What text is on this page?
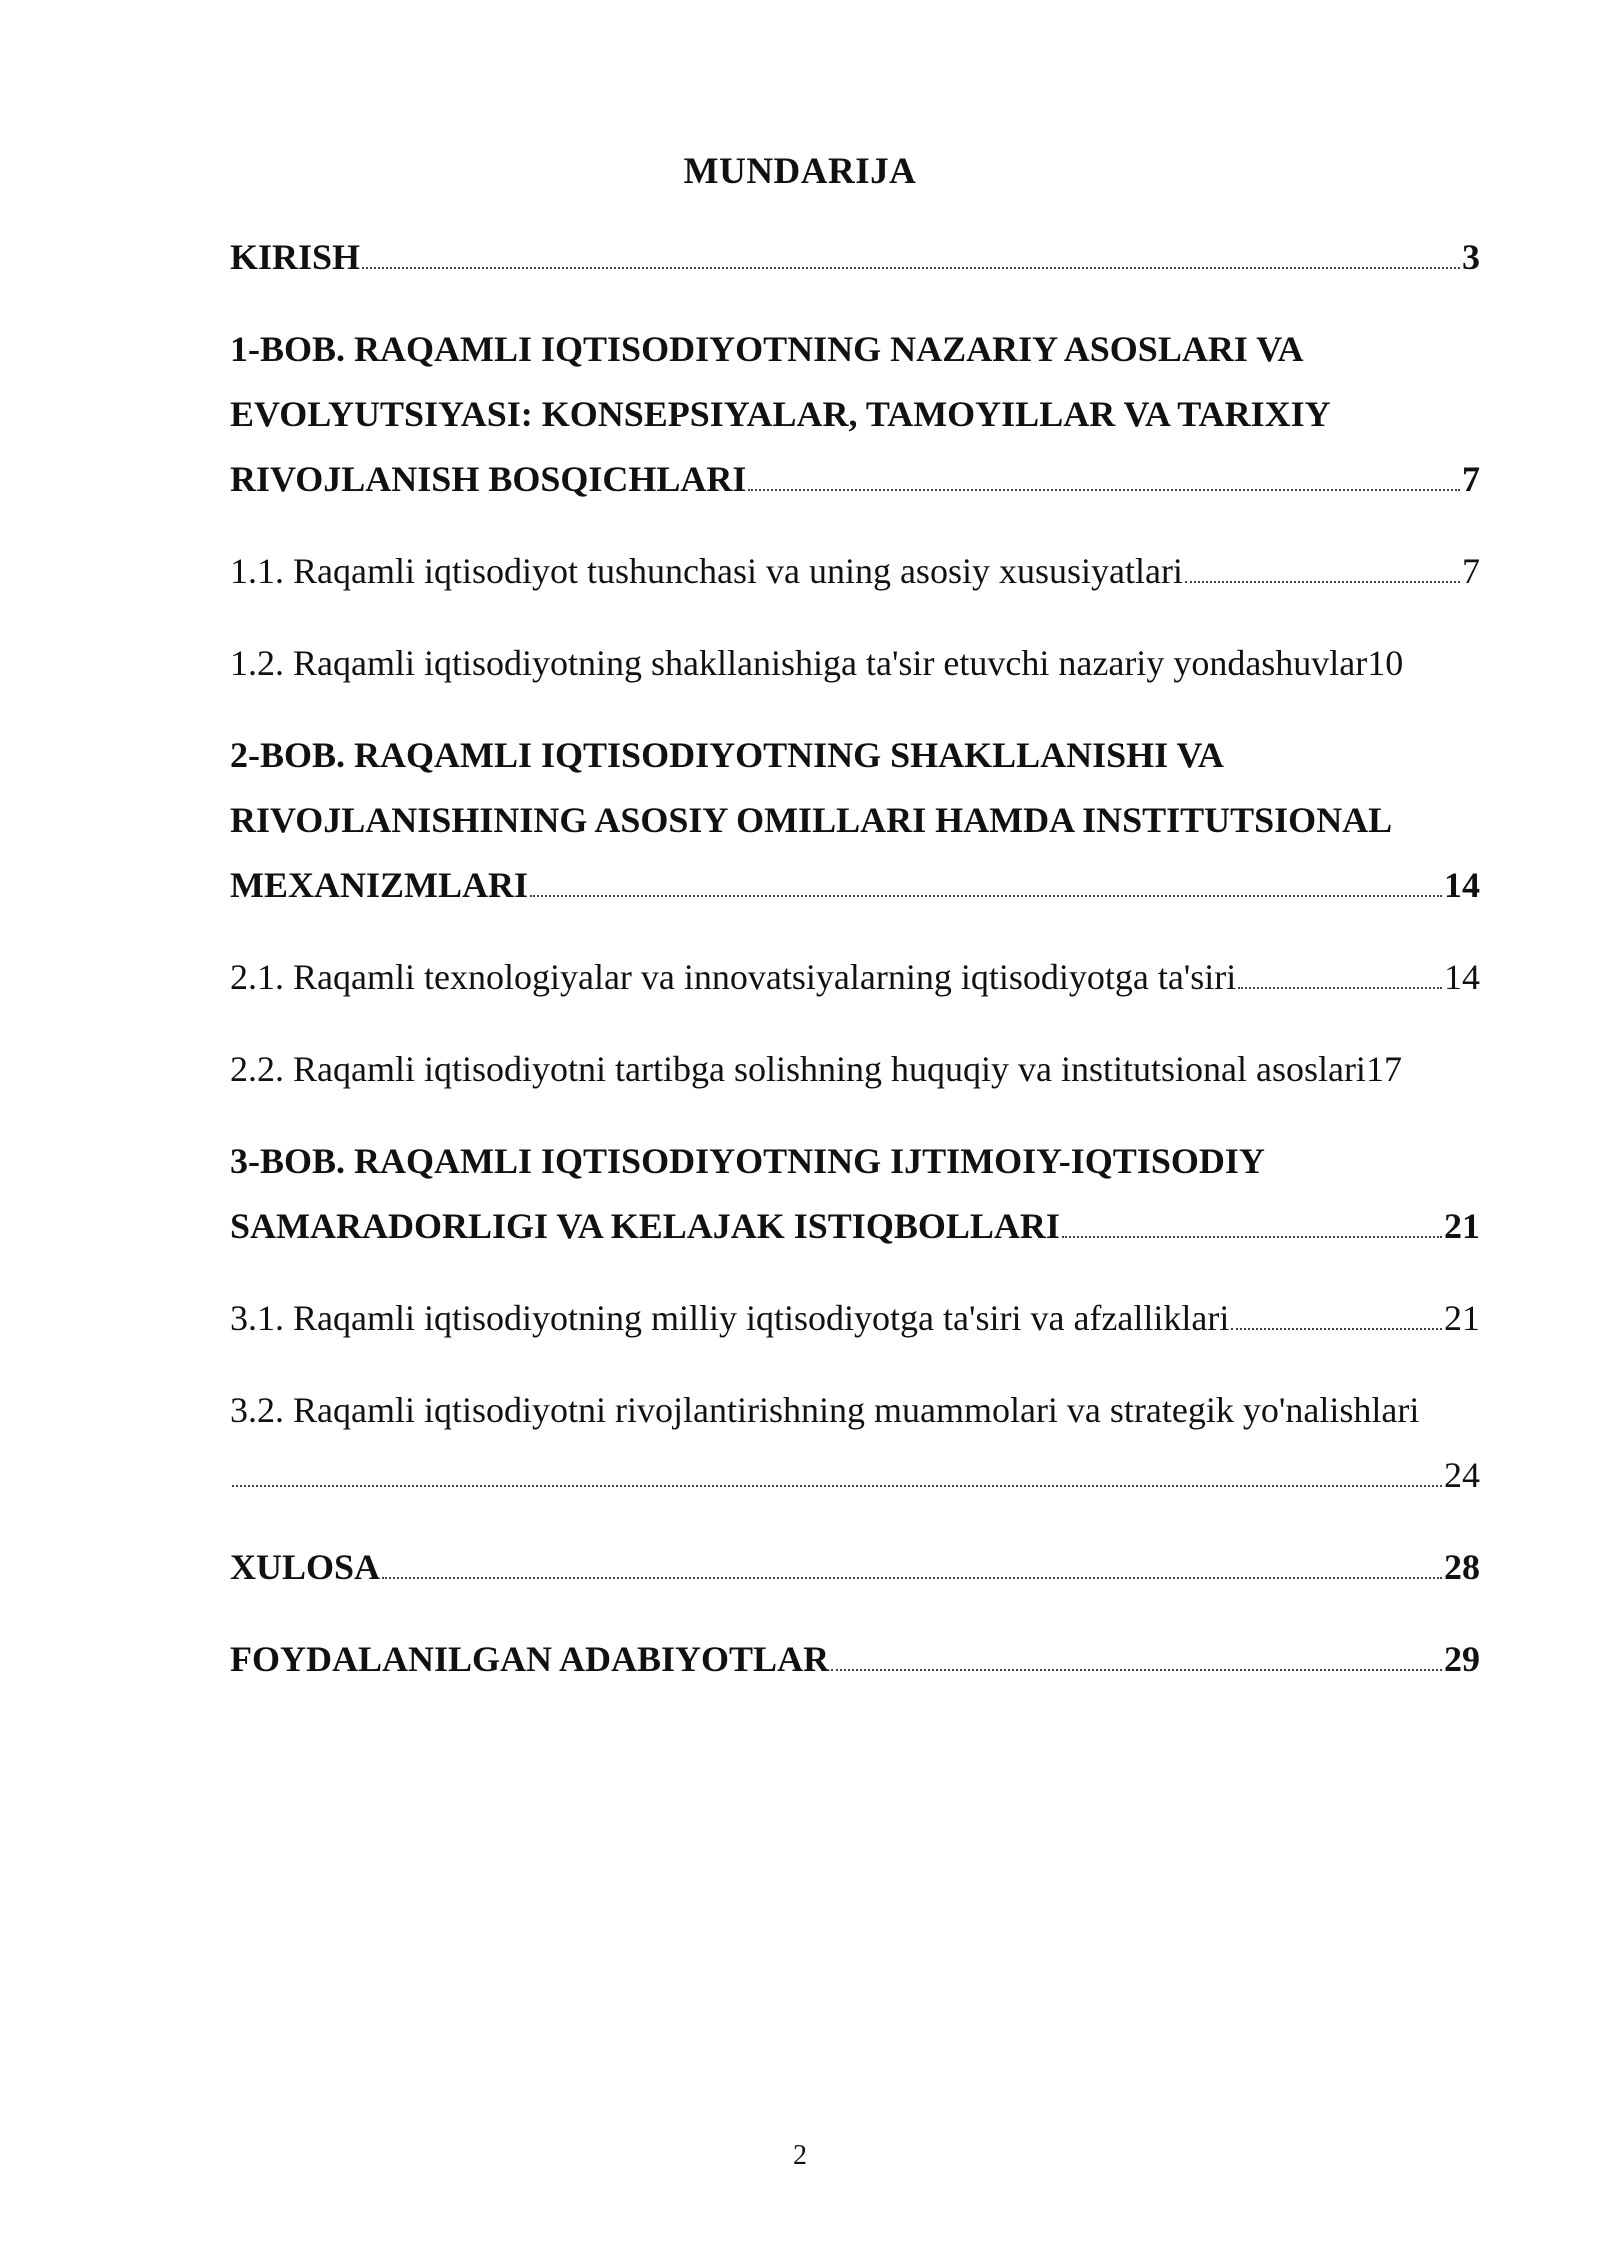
MUNDARIJA
KIRISH	3
1-BOB. RAQAMLI IQTISODIYOTNING NAZARIY ASOSLARI VA
EVOLYUTSIYASI: KONSEPSIYALAR, TAMOYILLAR VA TARIXIY
RIVOJLANISH BOSQICHLARI	7
1.1. Raqamli iqtisodiyot tushunchasi va uning asosiy xususiyatlari	7
1.2. Raqamli iqtisodiyotning shakllanishiga ta'sir etuvchi nazariy yondashuvlar 10
2-BOB. RAQAMLI IQTISODIYOTNING SHAKLLANISHI VA
RIVOJLANISHINING ASOSIY OMILLARI HAMDA INSTITUTSIONAL
MEXANIZMLARI	14
2.1. Raqamli texnologiyalar va innovatsiyalarning iqtisodiyotga ta'siri	14
2.2. Raqamli iqtisodiyotni tartibga solishning huquqiy va institutsional asoslari 17
3-BOB. RAQAMLI IQTISODIYOTNING IJTIMOIY-IQTISODIY
SAMARADORLIGI VA KELAJAK ISTIQBOLLARI	21
3.1. Raqamli iqtisodiyotning milliy iqtisodiyotga ta'siri va afzalliklari	21
3.2. Raqamli iqtisodiyotni rivojlantirishning muammolari va strategik yo'nalishlari
24
XULOSA	28
FOYDALANILGAN ADABIYOTLAR	29
2
